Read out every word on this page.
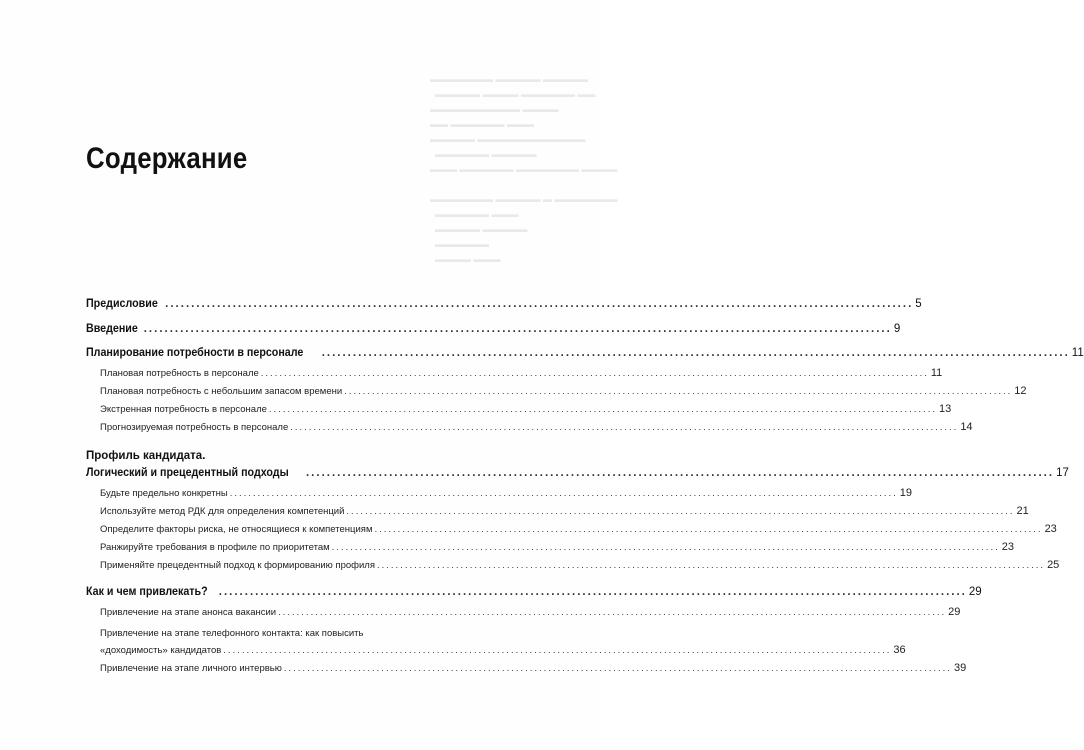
▬▬▬▬▬▬▬ ▬▬▬▬▬ ▬▬▬▬▬
▬▬▬▬▬ ▬▬▬▬ ▬▬▬▬▬▬ ▬▬
▬▬▬▬▬▬▬▬▬▬ ▬▬▬▬
▬▬ ▬▬▬▬▬▬ ▬▬▬
▬▬▬▬▬ ▬▬▬▬▬▬▬▬▬▬▬▬
▬▬▬▬▬▬ ▬▬▬▬▬
▬▬▬ ▬▬▬▬▬▬ ▬▬▬▬▬▬▬ ▬▬▬▬

▬▬▬▬▬▬▬ ▬▬▬▬▬ ▬ ▬▬▬▬▬▬▬
▬▬▬▬▬▬ ▬▬▬
▬▬▬▬▬ ▬▬▬▬▬
▬▬▬▬▬▬
▬▬▬▬ ▬▬▬
Содержание
Предисловие .....	5
Введение .....	9
Планирование потребности в персонале .....	11
Плановая потребность в персонале .....	11
Плановая потребность с небольшим запасом времени .....	12
Экстренная потребность в персонале .....	13
Прогнозируемая потребность в персонале .....	14
Профиль кандидата.
Логический и прецедентный подходы .....	17
Будьте предельно конкретны .....	19
Используйте метод РДК для определения компетенций .....	21
Определите факторы риска, не относящиеся к компетенциям .....	23
Ранжируйте требования в профиле по приоритетам .....	23
Применяйте прецедентный подход к формированию профиля .....	25
Как и чем привлекать? .....	29
Привлечение на этапе анонса вакансии .....	29
Привлечение на этапе телефонного контакта: как повысить
«доходимость» кандидатов .....	36
Привлечение на этапе личного интервью .....	39
